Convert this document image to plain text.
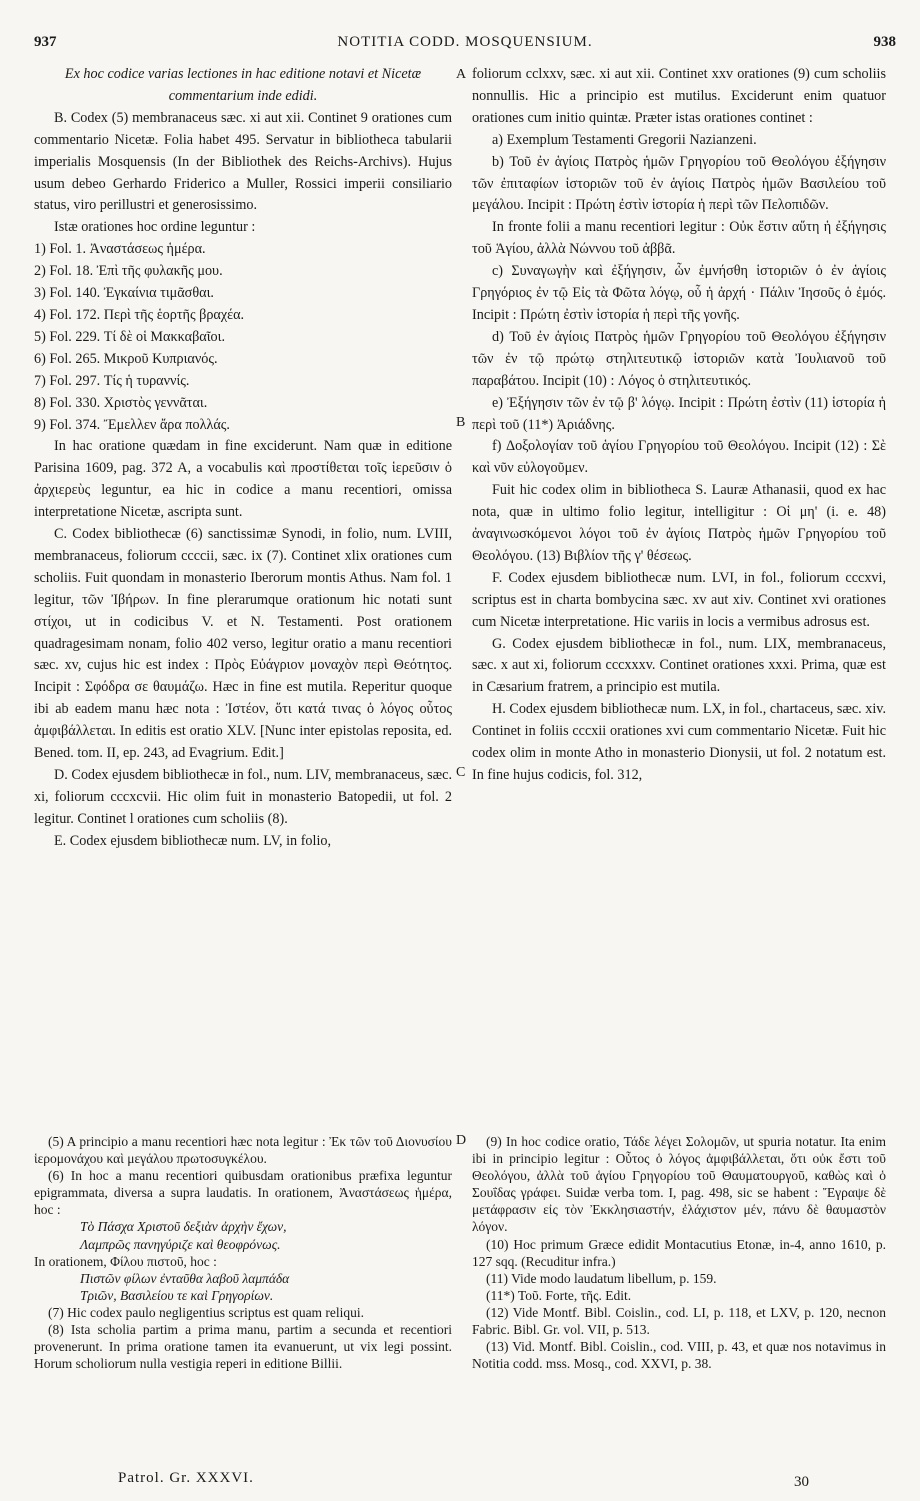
937	NOTITIA CODD. MOSQUENSIUM.	938
A
B
C
D

Ex hoc codice varias lectiones in hac editione notavi et Nicetæ commentarium inde edidi.

B. Codex (5) membranaceus sæc. xi aut xii. Continet 9 orationes cum commentario Nicetæ. Folia habet 495. Servatur in bibliotheca tabularii imperialis Mosquensis (In der Bibliothek des Reichs-Archivs). Hujus usum debeo Gerhardo Friderico a Muller, Rossici imperii consiliario status, viro perillustri et generosissimo.

Istæ orationes hoc ordine leguntur :

1) Fol. 1. Ἀναστάσεως ἡμέρα.
2) Fol. 18. Ἐπὶ τῆς φυλακῆς μου.
3) Fol. 140. Ἐγκαίνια τιμᾶσθαι.
4) Fol. 172. Περὶ τῆς ἑορτῆς βραχέα.
5) Fol. 229. Τί δὲ οἱ Μακκαβαῖοι.
6) Fol. 265. Μικροῦ Κυπριανός.
7) Fol. 297. Τίς ἡ τυραννίς.
8) Fol. 330. Χριστὸς γεννᾶται.
9) Fol. 374. Ἔμελλεν ἄρα πολλάς.

In hac oratione quædam in fine exciderunt. Nam quæ in editione Parisina 1609, pag. 372 A, a vocabulis καὶ προστίθεται τοῖς ἱερεῦσιν ὁ ἀρχιερεὺς leguntur, ea hic in codice a manu recentiori, omissa interpretatione Nicetæ, ascripta sunt.

C. Codex bibliothecæ (6) sanctissimæ Synodi, in folio, num. LVIII, membranaceus, foliorum ccccii, sæc. ix (7). Continet xlix orationes cum scholiis. Fuit quondam in monasterio Iberorum montis Athus. Nam fol. 1 legitur, τῶν Ἰβήρων. In fine plerarumque orationum hic notati sunt στίχοι, ut in codicibus V. et N. Testamenti. Post orationem quadragesimam nonam, folio 402 verso, legitur oratio a manu recentiori sæc. xv, cujus hic est index : Πρὸς Εὐάγριον μοναχὸν περὶ Θεότητος. Incipit : Σφόδρα σε θαυμάζω. Hæc in fine est mutila. Reperitur quoque ibi ab eadem manu hæc nota : Ἰστέον, ὅτι κατά τινας ὁ λόγος οὗτος ἀμφιβάλλεται. In editis est oratio XLV. [Nunc inter epistolas reposita, ed. Bened. tom. II, ep. 243, ad Evagrium. Edit.]

D. Codex ejusdem bibliothecæ in fol., num. LIV, membranaceus, sæc. xi, foliorum cccxcvii. Hic olim fuit in monasterio Batopedii, ut fol. 2 legitur. Continet l orationes cum scholiis (8).

E. Codex ejusdem bibliothecæ num. LV, in folio,

foliorum cclxxv, sæc. xi aut xii. Continet xxv orationes (9) cum scholiis nonnullis. Hic a principio est mutilus. Exciderunt enim quatuor orationes cum initio quintæ. Præter istas orationes continet :

a) Exemplum Testamenti Gregorii Nazianzeni.

b) Τοῦ ἐν ἁγίοις Πατρὸς ἡμῶν Γρηγορίου τοῦ Θεολόγου ἐξήγησιν τῶν ἐπιταφίων ἱστοριῶν τοῦ ἐν ἁγίοις Πατρὸς ἡμῶν Βασιλείου τοῦ μεγάλου. Incipit : Πρώτη ἐστὶν ἱστορία ἡ περὶ τῶν Πελοπιδῶν.

In fronte folii a manu recentiori legitur : Οὐκ ἔστιν αὕτη ἡ ἐξήγησις τοῦ Ἁγίου, ἀλλὰ Νώννου τοῦ ἀββᾶ.

c) Συναγωγὴν καὶ ἐξήγησιν, ὧν ἐμνήσθη ἱστοριῶν ὁ ἐν ἁγίοις Γρηγόριος ἐν τῷ Εἰς τὰ Φῶτα λόγῳ, οὗ ἡ ἀρχή · Πάλιν Ἰησοῦς ὁ ἐμός. Incipit : Πρώτη ἐστὶν ἱστορία ἡ περὶ τῆς γονῆς.

d) Τοῦ ἐν ἁγίοις Πατρὸς ἡμῶν Γρηγορίου τοῦ Θεολόγου ἐξήγησιν τῶν ἐν τῷ πρώτῳ στηλιτευτικῷ ἱστοριῶν κατὰ Ἰουλιανοῦ τοῦ παραβάτου. Incipit (10) : Λόγος ὁ στηλιτευτικός.

e) Ἐξήγησιν τῶν ἐν τῷ β' λόγῳ. Incipit : Πρώτη ἐστὶν (11) ἱστορία ἡ περὶ τοῦ (11*) Ἀριάδνης.

f) Δοξολογίαν τοῦ ἁγίου Γρηγορίου τοῦ Θεολόγου. Incipit (12) : Σὲ καὶ νῦν εὐλογοῦμεν.

Fuit hic codex olim in bibliotheca S. Lauræ Athanasii, quod ex hac nota, quæ in ultimo folio legitur, intelligitur : Οἱ μη' (i. e. 48) ἀναγινωσκόμενοι λόγοι τοῦ ἐν ἁγίοις Πατρὸς ἡμῶν Γρηγορίου τοῦ Θεολόγου. (13) Βιβλίον τῆς γ' θέσεως.

F. Codex ejusdem bibliothecæ num. LVI, in fol., foliorum cccxvi, scriptus est in charta bombycina sæc. xv aut xiv. Continet xvi orationes cum Nicetæ interpretatione. Hic variis in locis a vermibus adrosus est.

G. Codex ejusdem bibliothecæ in fol., num. LIX, membranaceus, sæc. x aut xi, foliorum cccxxxv. Continet orationes xxxi. Prima, quæ est in Cæsarium fratrem, a principio est mutila.

H. Codex ejusdem bibliothecæ num. LX, in fol., chartaceus, sæc. xiv. Continet in foliis cccxii orationes xvi cum commentario Nicetæ. Fuit hic codex olim in monte Atho in monasterio Dionysii, ut fol. 2 notatum est. In fine hujus codicis, fol. 312,

(5) A principio a manu recentiori hæc nota legitur : Ἐκ τῶν τοῦ Διονυσίου ἱερομονάχου καὶ μεγάλου πρωτοσυγκέλου.

(6) In hoc a manu recentiori quibusdam orationibus præfixa leguntur epigrammata, diversa a supra laudatis. In orationem, Ἀναστάσεως ἡμέρα, hoc :

Τὸ Πάσχα Χριστοῦ δεξιὰν ἀρχὴν ἔχων,

Λαμπρῶς πανηγύριζε καὶ θεοφρόνως.

In orationem, Φίλου πιστοῦ, hoc :

Πιστῶν φίλων ἐνταῦθα λαβοῦ λαμπάδα

Τριῶν, Βασιλείου τε καὶ Γρηγορίων.

(7) Hic codex paulo negligentius scriptus est quam reliqui.

(8) Ista scholia partim a prima manu, partim a secunda et recentiori provenerunt. In prima oratione tamen ita evanuerunt, ut vix legi possint. Horum scholiorum nulla vestigia reperi in editione Billii.

(9) In hoc codice oratio, Τάδε λέγει Σολομῶν, ut spuria notatur. Ita enim ibi in principio legitur : Οὗτος ὁ λόγος ἀμφιβάλλεται, ὅτι οὐκ ἔστι τοῦ Θεολόγου, ἀλλὰ τοῦ ἁγίου Γρηγορίου τοῦ Θαυματουργοῦ, καθὼς καὶ ὁ Σουΐδας γράφει. Suidæ verba tom. I, pag. 498, sic se habent : Ἔγραψε δὲ μετάφρασιν εἰς τὸν Ἐκκλησιαστήν, ἐλάχιστον μέν, πάνυ δὲ θαυμαστὸν λόγον.

(10) Hoc primum Græce edidit Montacutius Etonæ, in-4, anno 1610, p. 127 sqq. (Recuditur infra.)

(11) Vide modo laudatum libellum, p. 159.

(11*) Τοῦ. Forte, τῆς. Edit.

(12) Vide Montf. Bibl. Coislin., cod. LI, p. 118, et LXV, p. 120, necnon Fabric. Bibl. Gr. vol. VII, p. 513.

(13) Vid. Montf. Bibl. Coislin., cod. VIII, p. 43, et quæ nos notavimus in Notitia codd. mss. Mosq., cod. XXVI, p. 38.

Patrol. Gr. XXXVI.	30
